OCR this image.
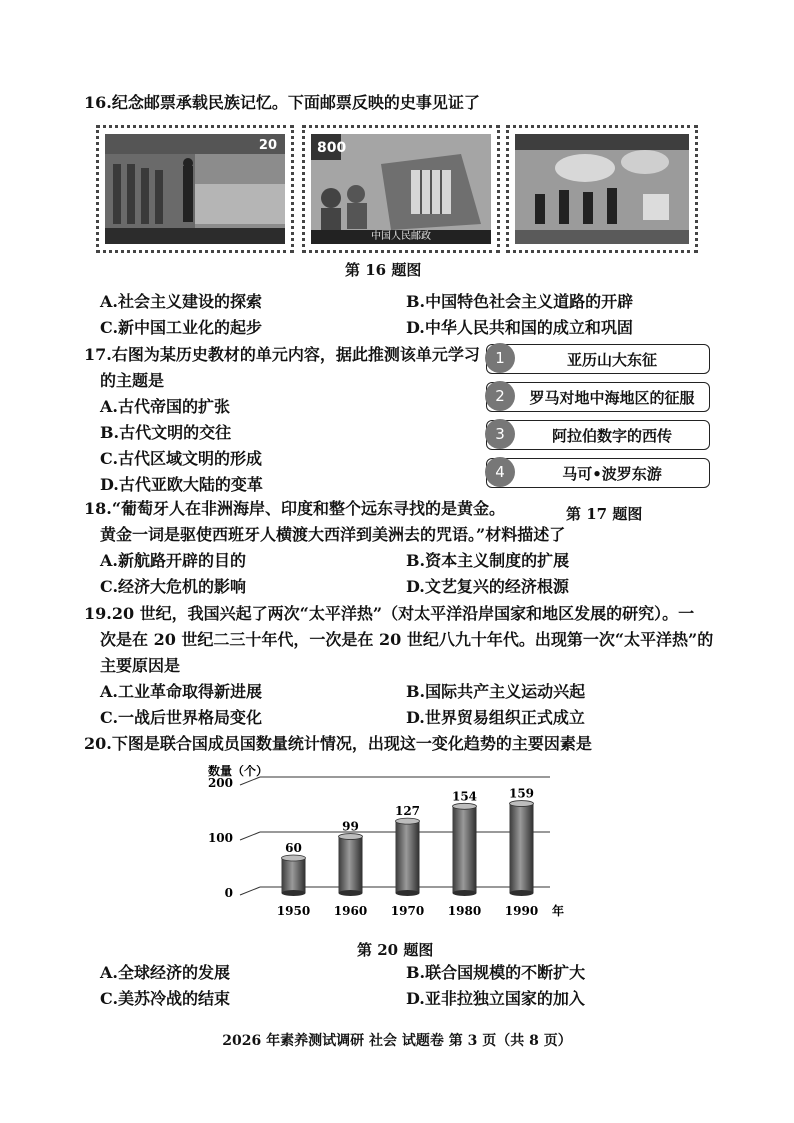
16.纪念邮票承载民族记忆。下面邮票反映的史事见证了
20	800
中国人民邮政
第 16 题图
A.社会主义建设的探索	B.中国特色社会主义道路的开辟
C.新中国工业化的起步	D.中华人民共和国的成立和巩固
17.右图为某历史教材的单元内容，据此推测该单元学习
的主题是
A.古代帝国的扩张
B.古代文明的交往
C.古代区域文明的形成
D.古代亚欧大陆的变革
1	亚历山大东征
2	罗马对地中海地区的征服
3	阿拉伯数字的西传
4	马可•波罗东游
第 17 题图
18.“葡萄牙人在非洲海岸、印度和整个远东寻找的是黄金。
黄金一词是驱使西班牙人横渡大西洋到美洲去的咒语。”材料描述了
A.新航路开辟的目的	B.资本主义制度的扩展
C.经济大危机的影响	D.文艺复兴的经济根源
19.20 世纪，我国兴起了两次“太平洋热”（对太平洋沿岸国家和地区发展的研究）。一
次是在 20 世纪二三十年代，一次是在 20 世纪八九十年代。出现第一次“太平洋热”的
主要原因是
A.工业革命取得新进展	B.国际共产主义运动兴起
C.一战后世界格局变化	D.世界贸易组织正式成立
20.下图是联合国成员国数量统计情况，出现这一变化趋势的主要因素是
数量（个）
0
100
200
60
1950
99
1960
127
1970
154
1980
159
1990 年
第 20 题图
A.全球经济的发展	B.联合国规模的不断扩大
C.美苏冷战的结束	D.亚非拉独立国家的加入
2026 年素养测试调研 社会 试题卷 第 3 页（共 8 页）
